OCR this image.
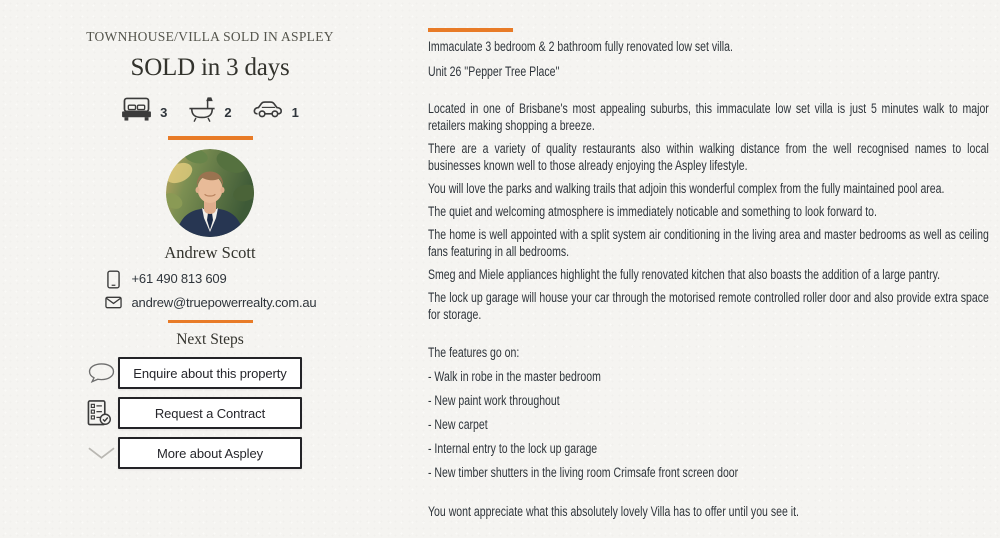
TOWNHOUSE/VILLA SOLD IN ASPLEY
SOLD in 3 days
3	2	1
Andrew Scott
+61 490 813 609
andrew@truepowerrealty.com.au
Next Steps
Enquire about this property
Request a Contract
More about Aspley

Immaculate 3 bedroom & 2 bathroom fully renovated low set villa.

Unit 26 ''Pepper Tree Place''

Located in one of Brisbane's most appealing suburbs, this immaculate low set villa is just 5 minutes walk to major retailers making shopping a breeze.

There are a variety of quality restaurants also within walking distance from the well recognised names to local businesses known well to those already enjoying the Aspley lifestyle.

You will love the parks and walking trails that adjoin this wonderful complex from the fully maintained pool area.

The quiet and welcoming atmosphere is immediately noticable and something to look forward to.

The home is well appointed with a split system air conditioning in the living area and master bedrooms as well as ceiling fans featuring in all bedrooms.

Smeg and Miele appliances highlight the fully renovated kitchen that also boasts the addition of a large pantry.

The lock up garage will house your car through the motorised remote controlled roller door and also provide extra space for storage.

The features go on:

- Walk in robe in the master bedroom

- New paint work throughout

- New carpet

- Internal entry to the lock up garage

- New timber shutters in the living room Crimsafe front screen door

You wont appreciate what this absolutely lovely Villa has to offer until you see it.
